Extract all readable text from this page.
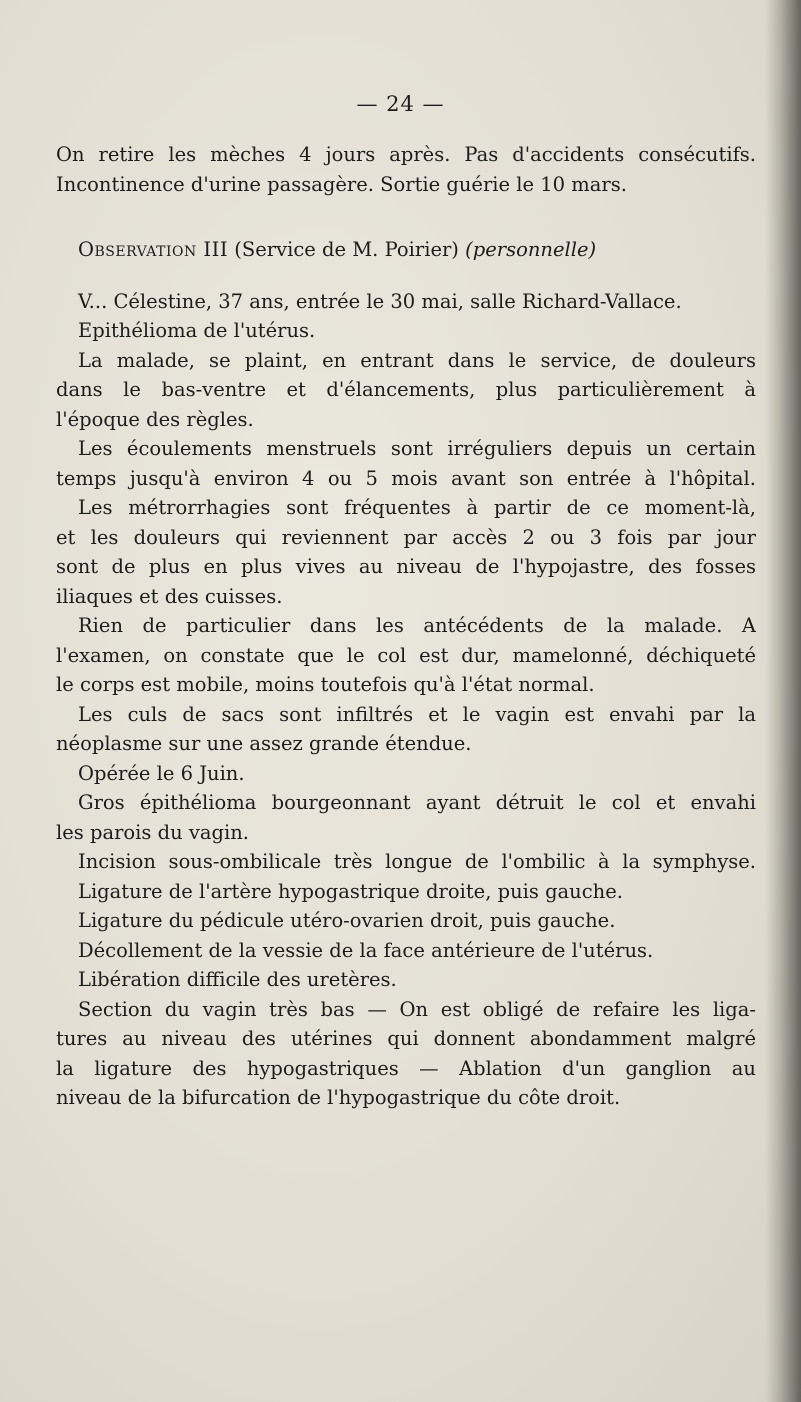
— 24 —
On retire les mèches 4 jours après. Pas d'accidents consécutifs.
Incontinence d'urine passagère. Sortie guérie le 10 mars.
Observation III (Service de M. Poirier) (personnelle)
V... Célestine, 37 ans, entrée le 30 mai, salle Richard-Vallace.
Epithélioma de l'utérus.
La malade, se plaint, en entrant dans le service, de douleurs
dans le bas-ventre et d'élancements, plus particulièrement à
l'époque des règles.
Les écoulements menstruels sont irréguliers depuis un certain
temps jusqu'à environ 4 ou 5 mois avant son entrée à l'hôpital.
Les métrorrhagies sont fréquentes à partir de ce moment-là,
et les douleurs qui reviennent par accès 2 ou 3 fois par jour
sont de plus en plus vives au niveau de l'hypojastre, des fosses
iliaques et des cuisses.
Rien de particulier dans les antécédents de la malade. A
l'examen, on constate que le col est dur, mamelonné, déchiqueté
le corps est mobile, moins toutefois qu'à l'état normal.
Les culs de sacs sont infiltrés et le vagin est envahi par la
néoplasme sur une assez grande étendue.
Opérée le 6 Juin.
Gros épithélioma bourgeonnant ayant détruit le col et envahi
les parois du vagin.
Incision sous-ombilicale très longue de l'ombilic à la symphyse.
Ligature de l'artère hypogastrique droite, puis gauche.
Ligature du pédicule utéro-ovarien droit, puis gauche.
Décollement de la vessie de la face antérieure de l'utérus.
Libération difficile des uretères.
Section du vagin très bas — On est obligé de refaire les liga-
tures au niveau des utérines qui donnent abondamment malgré
la ligature des hypogastriques — Ablation d'un ganglion au
niveau de la bifurcation de l'hypogastrique du côte droit.
